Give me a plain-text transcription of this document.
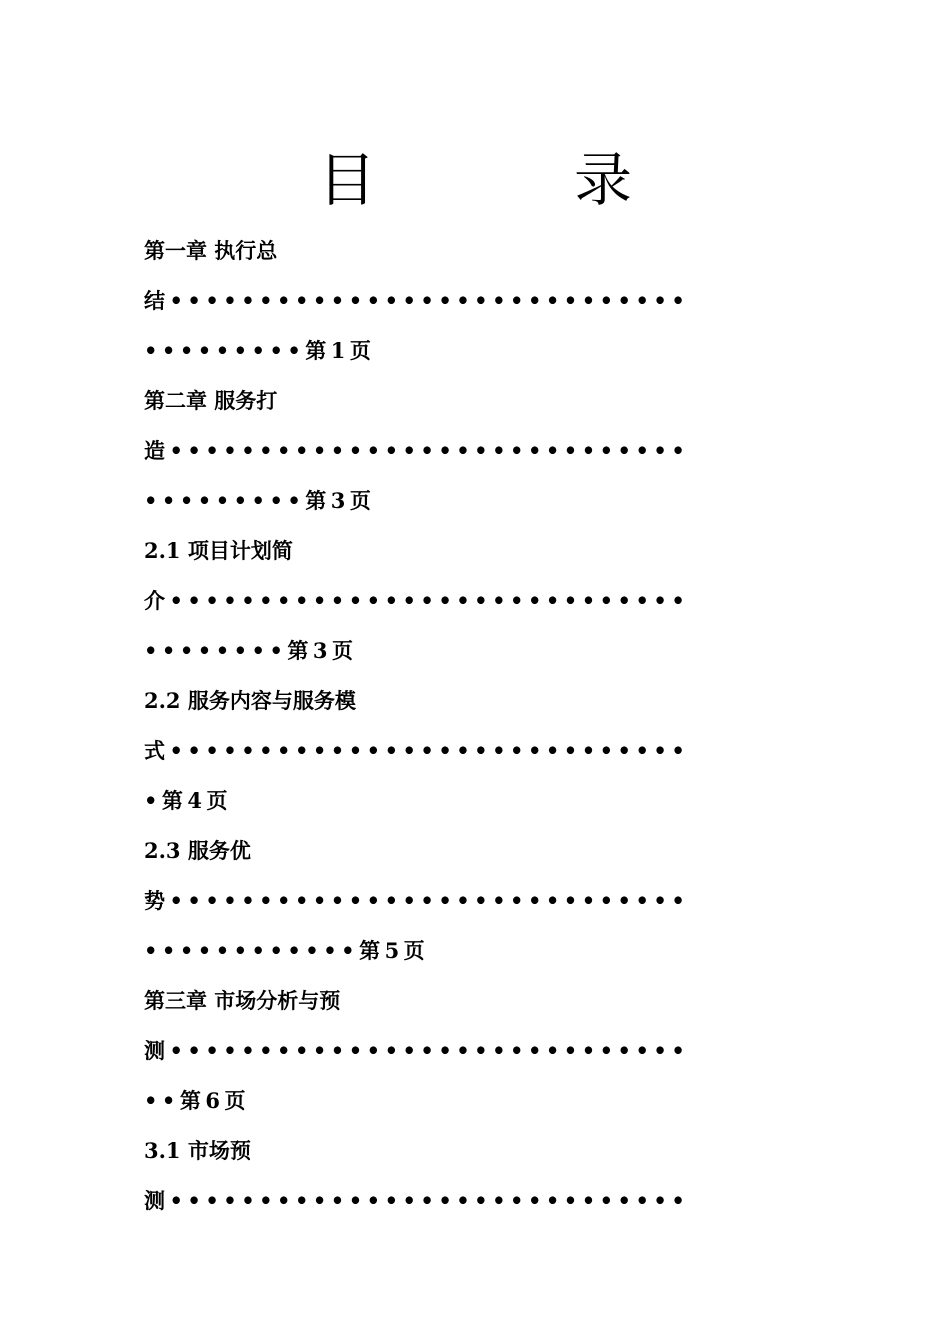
目　录
第一章 执行总
结•••••••••••••••••••••••••••••
•••••••••第1页
第二章 服务打
造•••••••••••••••••••••••••••••
•••••••••第3页
2.1 项目计划简
介•••••••••••••••••••••••••••••
••••••••第3页
2.2 服务内容与服务模
式•••••••••••••••••••••••••••••
•第4页
2.3 服务优
势•••••••••••••••••••••••••••••
••••••••••••第5页
第三章 市场分析与预
测•••••••••••••••••••••••••••••
••第6页
3.1 市场预
测•••••••••••••••••••••••••••••
